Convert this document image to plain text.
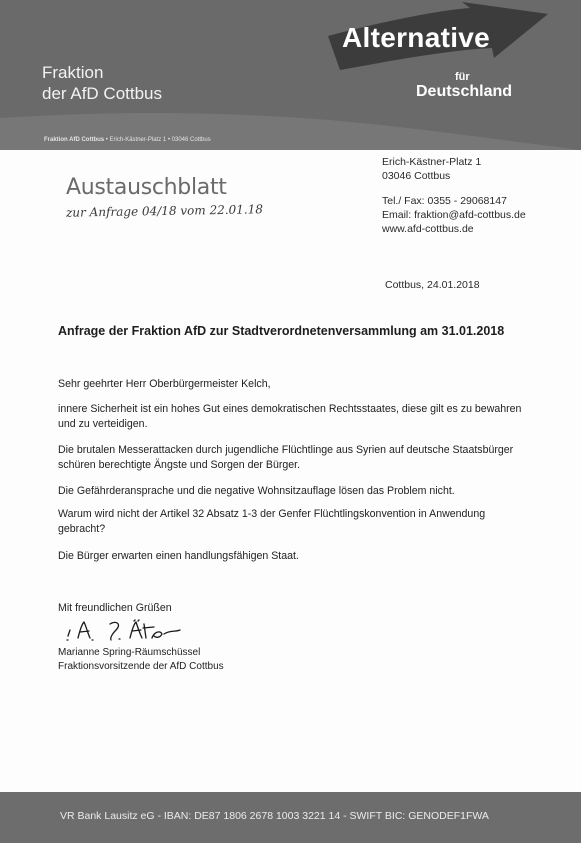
Fraktion
der AfD Cottbus
Alternative
für
Deutschland
Fraktion AfD Cottbus • Erich-Kästner-Platz 1 • 03046 Cottbus
Erich-Kästner-Platz 1
03046 Cottbus
Tel./ Fax: 0355 - 29068147
Email: fraktion@afd-cottbus.de
www.afd-cottbus.de
Austauschblatt
zur Anfrage 04/18 vom 22.01.18
Cottbus, 24.01.2018
Anfrage der Fraktion AfD zur Stadtverordnetenversammlung am 31.01.2018
Sehr geehrter Herr Oberbürgermeister Kelch,
innere Sicherheit ist ein hohes Gut eines demokratischen Rechtsstaates, diese gilt es zu bewahren und zu verteidigen.
Die brutalen Messerattacken durch jugendliche Flüchtlinge aus Syrien auf deutsche Staatsbürger schüren berechtigte Ängste und Sorgen der Bürger.
Die Gefährderansprache und die negative Wohnsitzauflage lösen das Problem nicht.
Warum wird nicht der Artikel 32 Absatz 1-3 der Genfer Flüchtlingskonvention in Anwendung gebracht?
Die Bürger erwarten einen handlungsfähigen Staat.
Mit freundlichen Grüßen
Marianne Spring-Räumschüssel
Fraktionsvorsitzende der AfD Cottbus
VR Bank Lausitz eG - IBAN: DE87 1806 2678 1003 3221 14 - SWIFT BIC: GENODEF1FWA
